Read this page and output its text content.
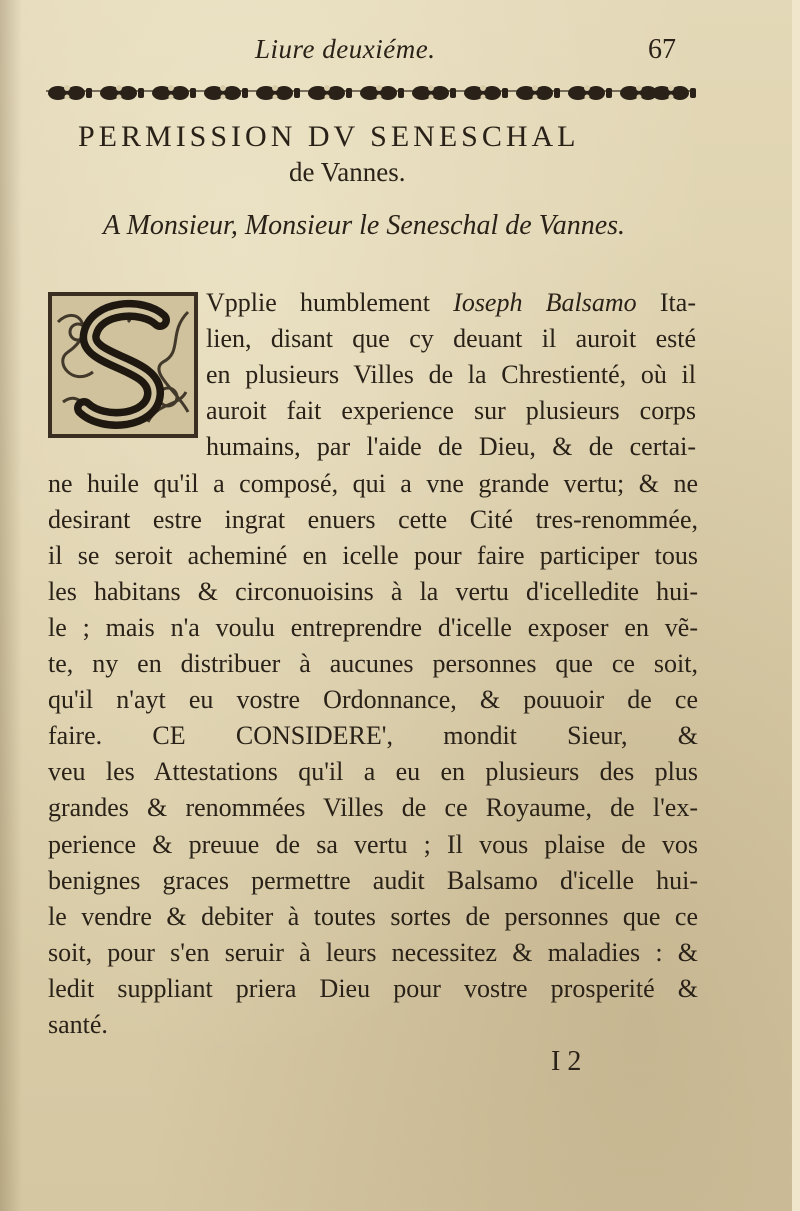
Liure deuxiéme.	67
PERMISSION DV SENESCHAL
de Vannes.
A Monsieur, Monsieur le Seneschal de Vannes.
Vpplie humblement Ioseph Balsamo Ita-
lien, disant que cy deuant il auroit esté
en plusieurs Villes de la Chrestienté, où il
auroit fait experience sur plusieurs corps
humains, par l'aide de Dieu, & de certai-
ne huile qu'il a composé, qui a vne grande vertu; & ne
desirant estre ingrat enuers cette Cité tres-renommée,
il se seroit acheminé en icelle pour faire participer tous
les habitans & circonuoisins à la vertu d'icelledite hui-
le ; mais n'a voulu entreprendre d'icelle exposer en vẽ-
te, ny en distribuer à aucunes personnes que ce soit,
qu'il n'ayt eu vostre Ordonnance, & pouuoir de ce
faire. CE CONSIDERE', mondit Sieur, &
veu les Attestations qu'il a eu en plusieurs des plus
grandes & renommées Villes de ce Royaume, de l'ex-
perience & preuue de sa vertu ; Il vous plaise de vos
benignes graces permettre audit Balsamo d'icelle hui-
le vendre & debiter à toutes sortes de personnes que ce
soit, pour s'en seruir à leurs necessitez & maladies : &
ledit suppliant priera Dieu pour vostre prosperité &
santé.
I 2
⠀
